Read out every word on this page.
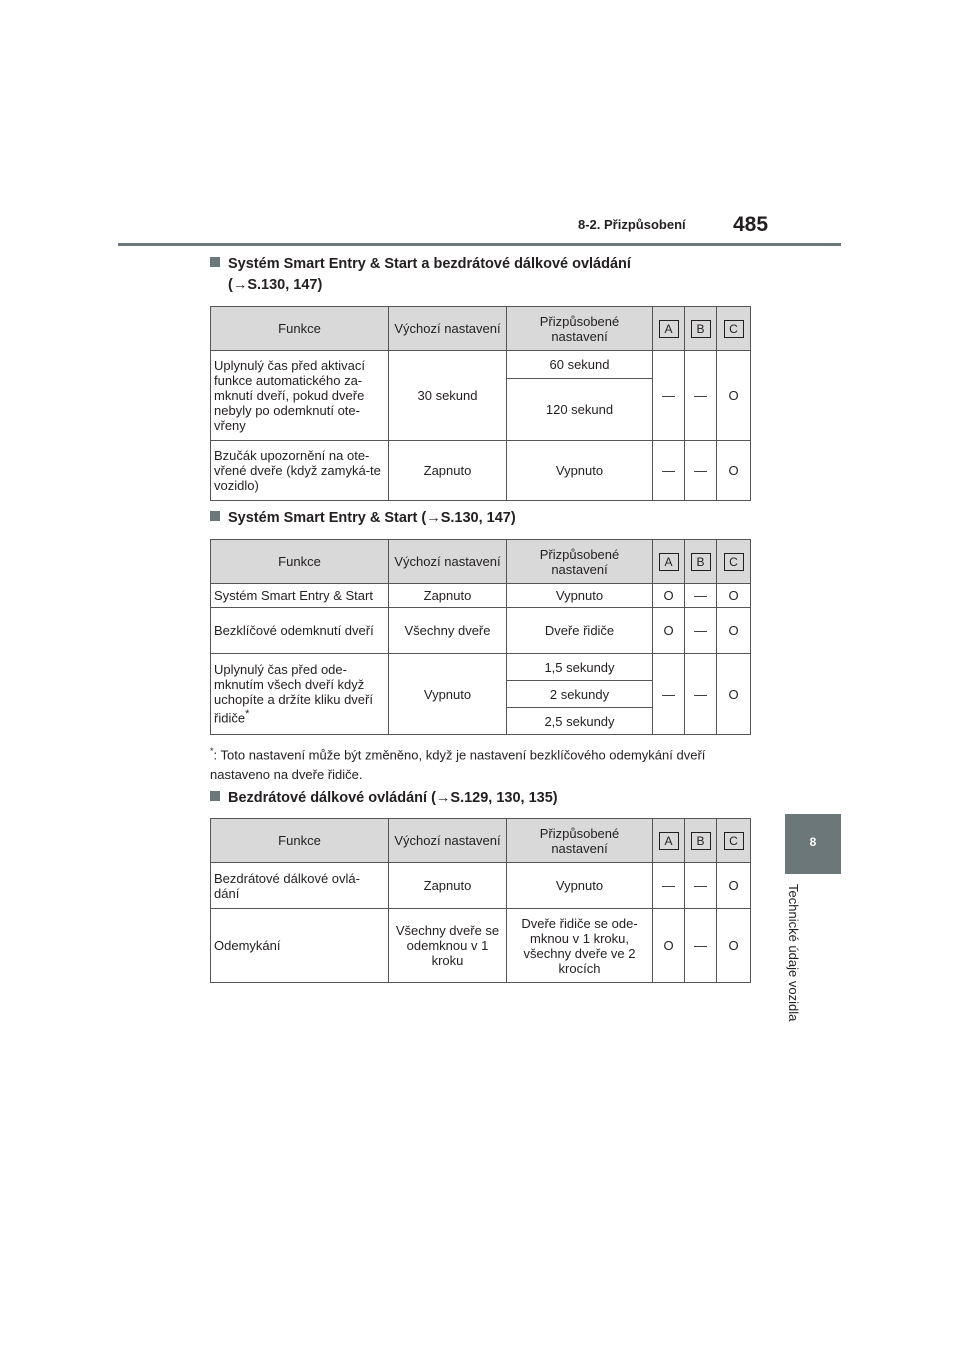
8-2. Přizpůsobení 485
8
Technické údaje vozidla
Systém Smart Entry & Start a bezdrátové dálkové ovládání
(→S.130, 147)
Funkce	Výchozí nastavení	Přizpůsobené nastavení	A	B	C
Uplynulý čas před aktivací funkce automatického za-mknutí dveří, pokud dveře nebyly po odemknutí ote-vřeny	30 sekund	60 sekund	—	—	O
		120 sekund			
Bzučák upozornění na ote-vřené dveře (když zamyká-te vozidlo)	Zapnuto	Vypnuto	—	—	O
Systém Smart Entry & Start (→S.130, 147)
Funkce	Výchozí nastavení	Přizpůsobené nastavení	A	B	C
Systém Smart Entry & Start	Zapnuto	Vypnuto	O	—	O
Bezklíčové odemknutí dveří	Všechny dveře	Dveře řidiče	O	—	O
Uplynulý čas před ode-mknutím všech dveří když uchopíte a držíte kliku dveří řidiče*	Vypnuto	1,5 sekundy	—	—	O
		2 sekundy			
		2,5 sekundy			
*: Toto nastavení může být změněno, když je nastavení bezklíčového odemykání dveří nastaveno na dveře řidiče.
Bezdrátové dálkové ovládání (→S.129, 130, 135)
Funkce	Výchozí nastavení	Přizpůsobené nastavení	A	B	C
Bezdrátové dálkové ovlá-dání	Zapnuto	Vypnuto	—	—	O
Odemykání	Všechny dveře se odemknou v 1 kroku	Dveře řidiče se ode-mknou v 1 kroku, všechny dveře ve 2 krocích	O	—	O
